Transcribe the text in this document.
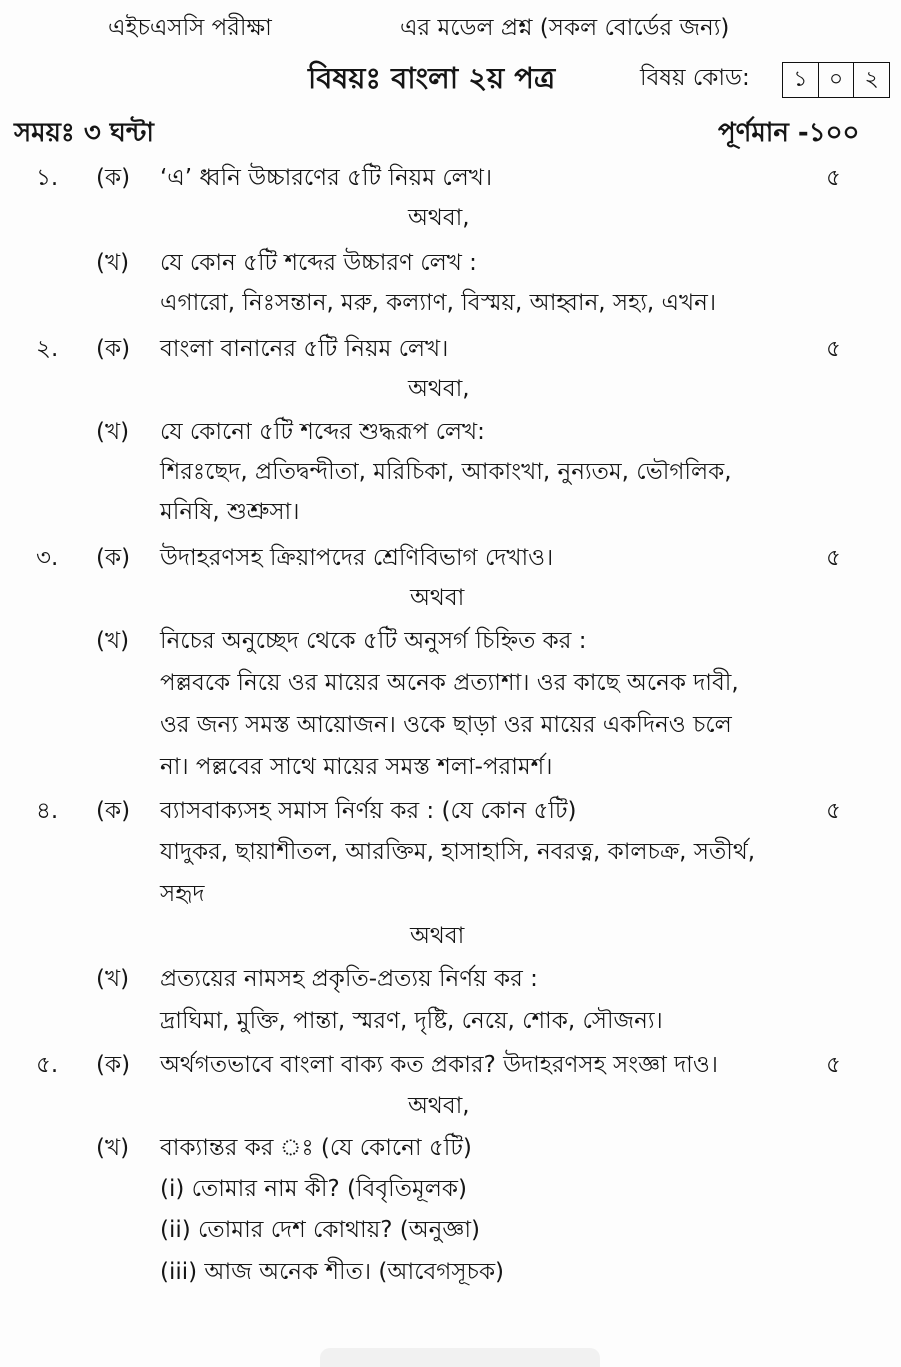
এইচএসসি পরীক্ষা	এর মডেল প্রশ্ন (সকল বোর্ডের জন্য)
বিষয়ঃ বাংলা ২য় পত্র	বিষয় কোড:	১ ০ ২
সময়ঃ ৩ ঘন্টা	পূর্ণমান -১০০
১. (ক) ‘এ’ ধ্বনি উচ্চারণের ৫টি নিয়ম লেখ।	৫
অথবা,
(খ) যে কোন ৫টি শব্দের উচ্চারণ লেখ :
এগারো, নিঃসন্তান, মরু, কল্যাণ, বিস্ময়, আহ্বান, সহ্য, এখন।
২. (ক) বাংলা বানানের ৫টি নিয়ম লেখ।	৫
অথবা,
(খ) যে কোনো ৫টি শব্দের শুদ্ধরূপ লেখ:
শিরঃছেদ, প্রতিদ্বন্দীতা, মরিচিকা, আকাংখা, নুন্যতম, ভৌগলিক,
মনিষি, শুশ্রুসা।
৩. (ক) উদাহরণসহ ক্রিয়াপদের শ্রেণিবিভাগ দেখাও।	৫
অথবা
(খ) নিচের অনুচ্ছেদ থেকে ৫টি অনুসর্গ চিহ্নিত কর :
পল্লবকে নিয়ে ওর মায়ের অনেক প্রত্যাশা। ওর কাছে অনেক দাবী,
ওর জন্য সমস্ত আয়োজন। ওকে ছাড়া ওর মায়ের একদিনও চলে
না। পল্লবের সাথে মায়ের সমস্ত শলা-পরামর্শ।
৪. (ক) ব্যাসবাক্যসহ সমাস নির্ণয় কর : (যে কোন ৫টি)	৫
যাদুকর, ছায়াশীতল, আরক্তিম, হাসাহাসি, নবরত্ন, কালচক্র, সতীর্থ,
সহৃদ
অথবা
(খ) প্রত্যয়ের নামসহ প্রকৃতি-প্রত্যয় নির্ণয় কর :
দ্রাঘিমা, মুক্তি, পান্তা, স্মরণ, দৃষ্টি, নেয়ে, শোক, সৌজন্য।
৫. (ক) অর্থগতভাবে বাংলা বাক্য কত প্রকার? উদাহরণসহ সংজ্ঞা দাও।	৫
অথবা,
(খ) বাক্যান্তর কর ঃ (যে কোনো ৫টি)
(i) তোমার নাম কী? (বিবৃতিমূলক)
(ii) তোমার দেশ কোথায়? (অনুজ্ঞা)
(iii) আজ অনেক শীত। (আবেগসূচক)
